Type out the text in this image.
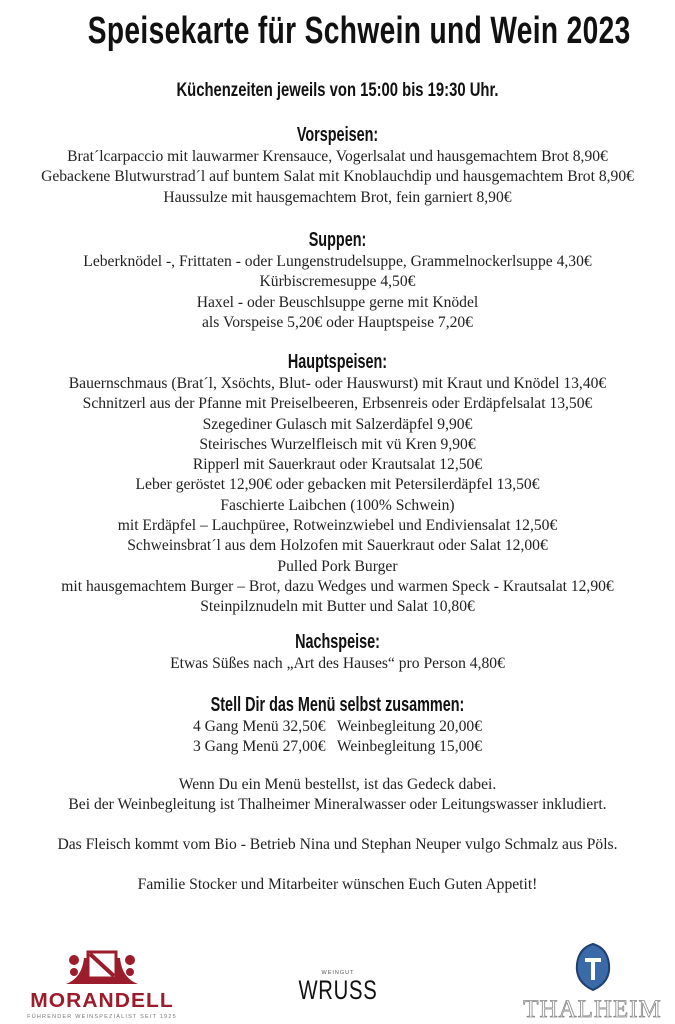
Speisekarte für Schwein und Wein 2023
Küchenzeiten jeweils von 15:00 bis 19:30 Uhr.
Vorspeisen:
Brat´lcarpaccio mit lauwarmer Krensauce, Vogerlsalat und hausgemachtem Brot 8,90€
Gebackene Blutwurstrad´l auf buntem Salat mit Knoblauchdip und hausgemachtem Brot 8,90€
Haussulze mit hausgemachtem Brot, fein garniert 8,90€
Suppen:
Leberknödel -, Frittaten - oder Lungenstrudelsuppe, Grammelnockerlsuppe 4,30€
Kürbiscremesuppe 4,50€
Haxel - oder Beuschlsuppe gerne mit Knödel
als Vorspeise 5,20€ oder Hauptspeise 7,20€
Hauptspeisen:
Bauernschmaus (Brat´l, Xsöchts, Blut- oder Hauswurst) mit Kraut und Knödel 13,40€
Schnitzerl aus der Pfanne mit Preiselbeeren, Erbsenreis oder Erdäpfelsalat 13,50€
Szegediner Gulasch mit Salzerdäpfel 9,90€
Steirisches Wurzelfleisch mit vü Kren 9,90€
Ripperl mit Sauerkraut oder Krautsalat 12,50€
Leber geröstet 12,90€ oder gebacken mit Petersilerdäpfel 13,50€
Faschierte Laibchen (100% Schwein)
mit Erdäpfel – Lauchpüree, Rotweinzwiebel und Endiviensalat 12,50€
Schweinsbrat´l aus dem Holzofen mit Sauerkraut oder Salat 12,00€
Pulled Pork Burger
mit hausgemachtem Burger – Brot, dazu Wedges und warmen Speck - Krautsalat 12,90€
Steinpilznudeln mit Butter und Salat 10,80€
Nachspeise:
Etwas Süßes nach „Art des Hauses“ pro Person 4,80€
Stell Dir das Menü selbst zusammen:
4 Gang Menü 32,50€   Weinbegleitung 20,00€
3 Gang Menü 27,00€   Weinbegleitung 15,00€
Wenn Du ein Menü bestellst, ist das Gedeck dabei.
Bei der Weinbegleitung ist Thalheimer Mineralwasser oder Leitungswasser inkludiert.
Das Fleisch kommt vom Bio - Betrieb Nina und Stephan Neuper vulgo Schmalz aus Pöls.
Familie Stocker und Mitarbeiter wünschen Euch Guten Appetit!
MORANDELL
FÜHRENDER WEINSPEZIALIST SEIT 1925
WEINGUT
WRUSS
THALHEIM
